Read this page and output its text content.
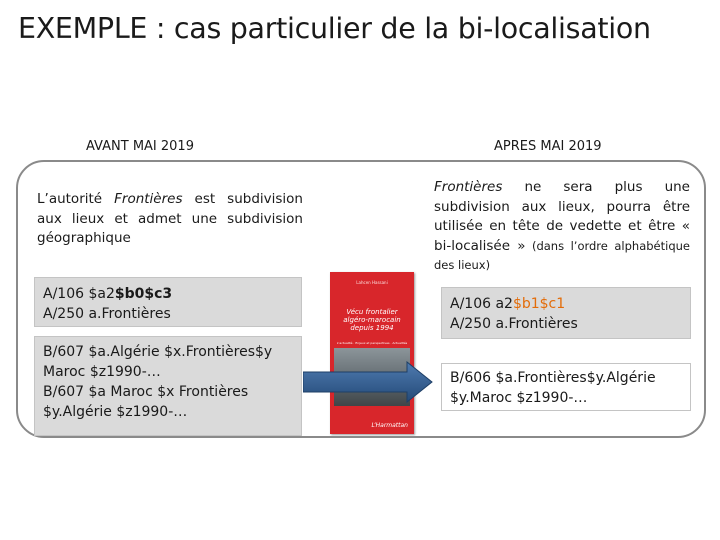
EXEMPLE : cas particulier de la bi-localisation
AVANT MAI 2019	APRES MAI 2019
L’autorité Frontières est subdivision aux lieux et admet une subdivision géographique
A/106 $a2$b0$c3
A/250 a.Frontières
B/607 $a.Algérie $x.Frontières$y
Maroc $z1990-…
B/607 $a Maroc $x Frontières
$y.Algérie $z1990-…
Frontières ne sera plus une subdivision aux lieux, pourra être utilisée en tête de vedette et être « bi-localisée » (dans l’ordre alphabétique des lieux)
A/106 a2$b1$c1
A/250 a.Frontières
B/606 $a.Frontières$y.Algérie
$y.Maroc $z1990-…
Lahcen Hassani
Vécu frontalier algéro-marocain depuis 1994
L’actualité · Enjeux et perspectives · Actualités
L’Harmattan
